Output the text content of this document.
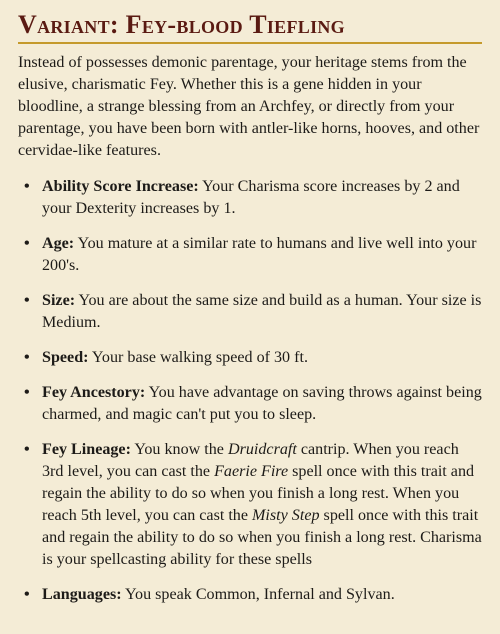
Variant: Fey-blood Tiefling

Instead of possesses demonic parentage, your heritage stems from the elusive, charismatic Fey. Whether this is a gene hidden in your bloodline, a strange blessing from an Archfey, or directly from your parentage, you have been born with antler-like horns, hooves, and other cervidae-like features.

• Ability Score Increase: Your Charisma score increases by 2 and your Dexterity increases by 1.
• Age: You mature at a similar rate to humans and live well into your 200's.
• Size: You are about the same size and build as a human. Your size is Medium.
• Speed: Your base walking speed of 30 ft.
• Fey Ancestory: You have advantage on saving throws against being charmed, and magic can't put you to sleep.
• Fey Lineage: You know the Druidcraft cantrip. When you reach 3rd level, you can cast the Faerie Fire spell once with this trait and regain the ability to do so when you finish a long rest. When you reach 5th level, you can cast the Misty Step spell once with this trait and regain the ability to do so when you finish a long rest. Charisma is your spellcasting ability for these spells
• Languages: You speak Common, Infernal and Sylvan.
